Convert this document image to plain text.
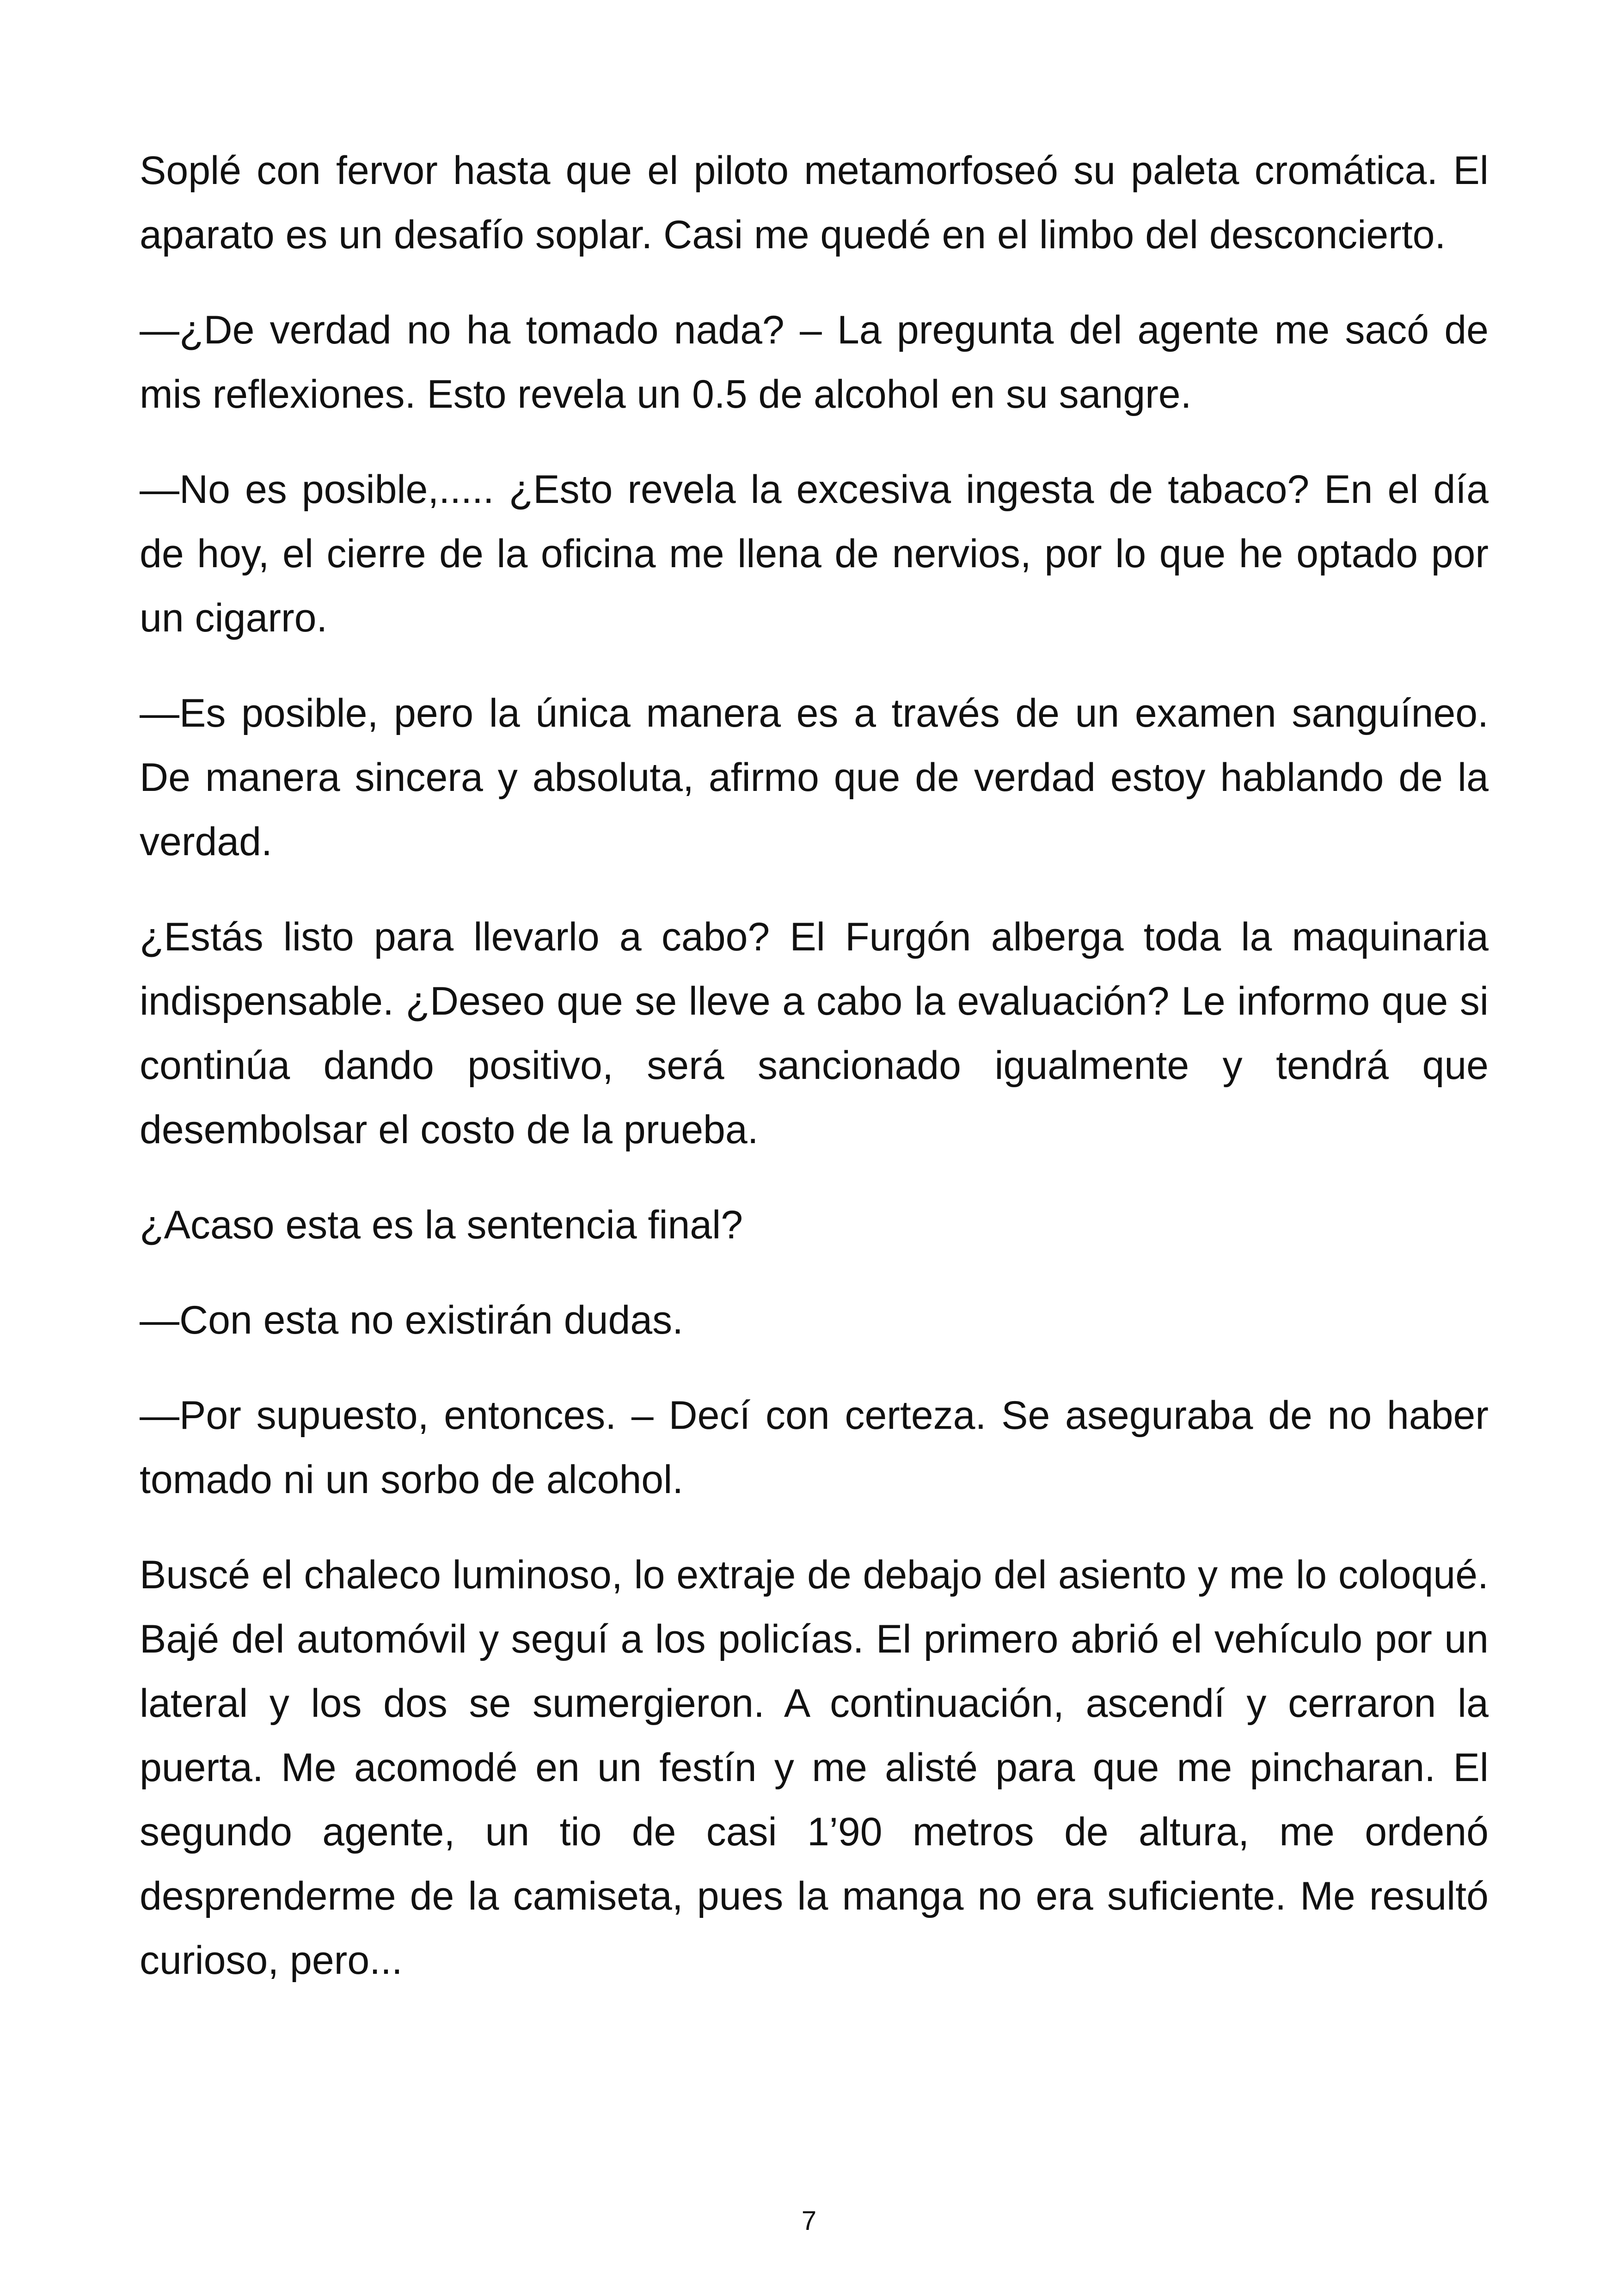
Soplé con fervor hasta que el piloto metamorfoseó su paleta cromática. El aparato es un desafío soplar. Casi me quedé en el limbo del desconcierto.

—¿De verdad no ha tomado nada? – La pregunta del agente me sacó de mis reflexiones. Esto revela un 0.5 de alcohol en su sangre.

—No es posible,..... ¿Esto revela la excesiva ingesta de tabaco? En el día de hoy, el cierre de la oficina me llena de nervios, por lo que he optado por un cigarro.

—Es posible, pero la única manera es a través de un examen sanguíneo. De manera sincera y absoluta, afirmo que de verdad estoy hablando de la verdad.

¿Estás listo para llevarlo a cabo? El Furgón alberga toda la maquinaria indispensable. ¿Deseo que se lleve a cabo la evaluación? Le informo que si continúa dando positivo, será sancionado igualmente y tendrá que desembolsar el costo de la prueba.

¿Acaso esta es la sentencia final?

—Con esta no existirán dudas.

—Por supuesto, entonces. – Decí con certeza. Se aseguraba de no haber tomado ni un sorbo de alcohol.

Buscé el chaleco luminoso, lo extraje de debajo del asiento y me lo coloqué. Bajé del automóvil y seguí a los policías. El primero abrió el vehículo por un lateral y los dos se sumergieron. A continuación, ascendí y cerraron la puerta. Me acomodé en un festín y me alisté para que me pincharan. El segundo agente, un tio de casi 1’90 metros de altura, me ordenó desprenderme de la camiseta, pues la manga no era suficiente. Me resultó curioso, pero...

7
